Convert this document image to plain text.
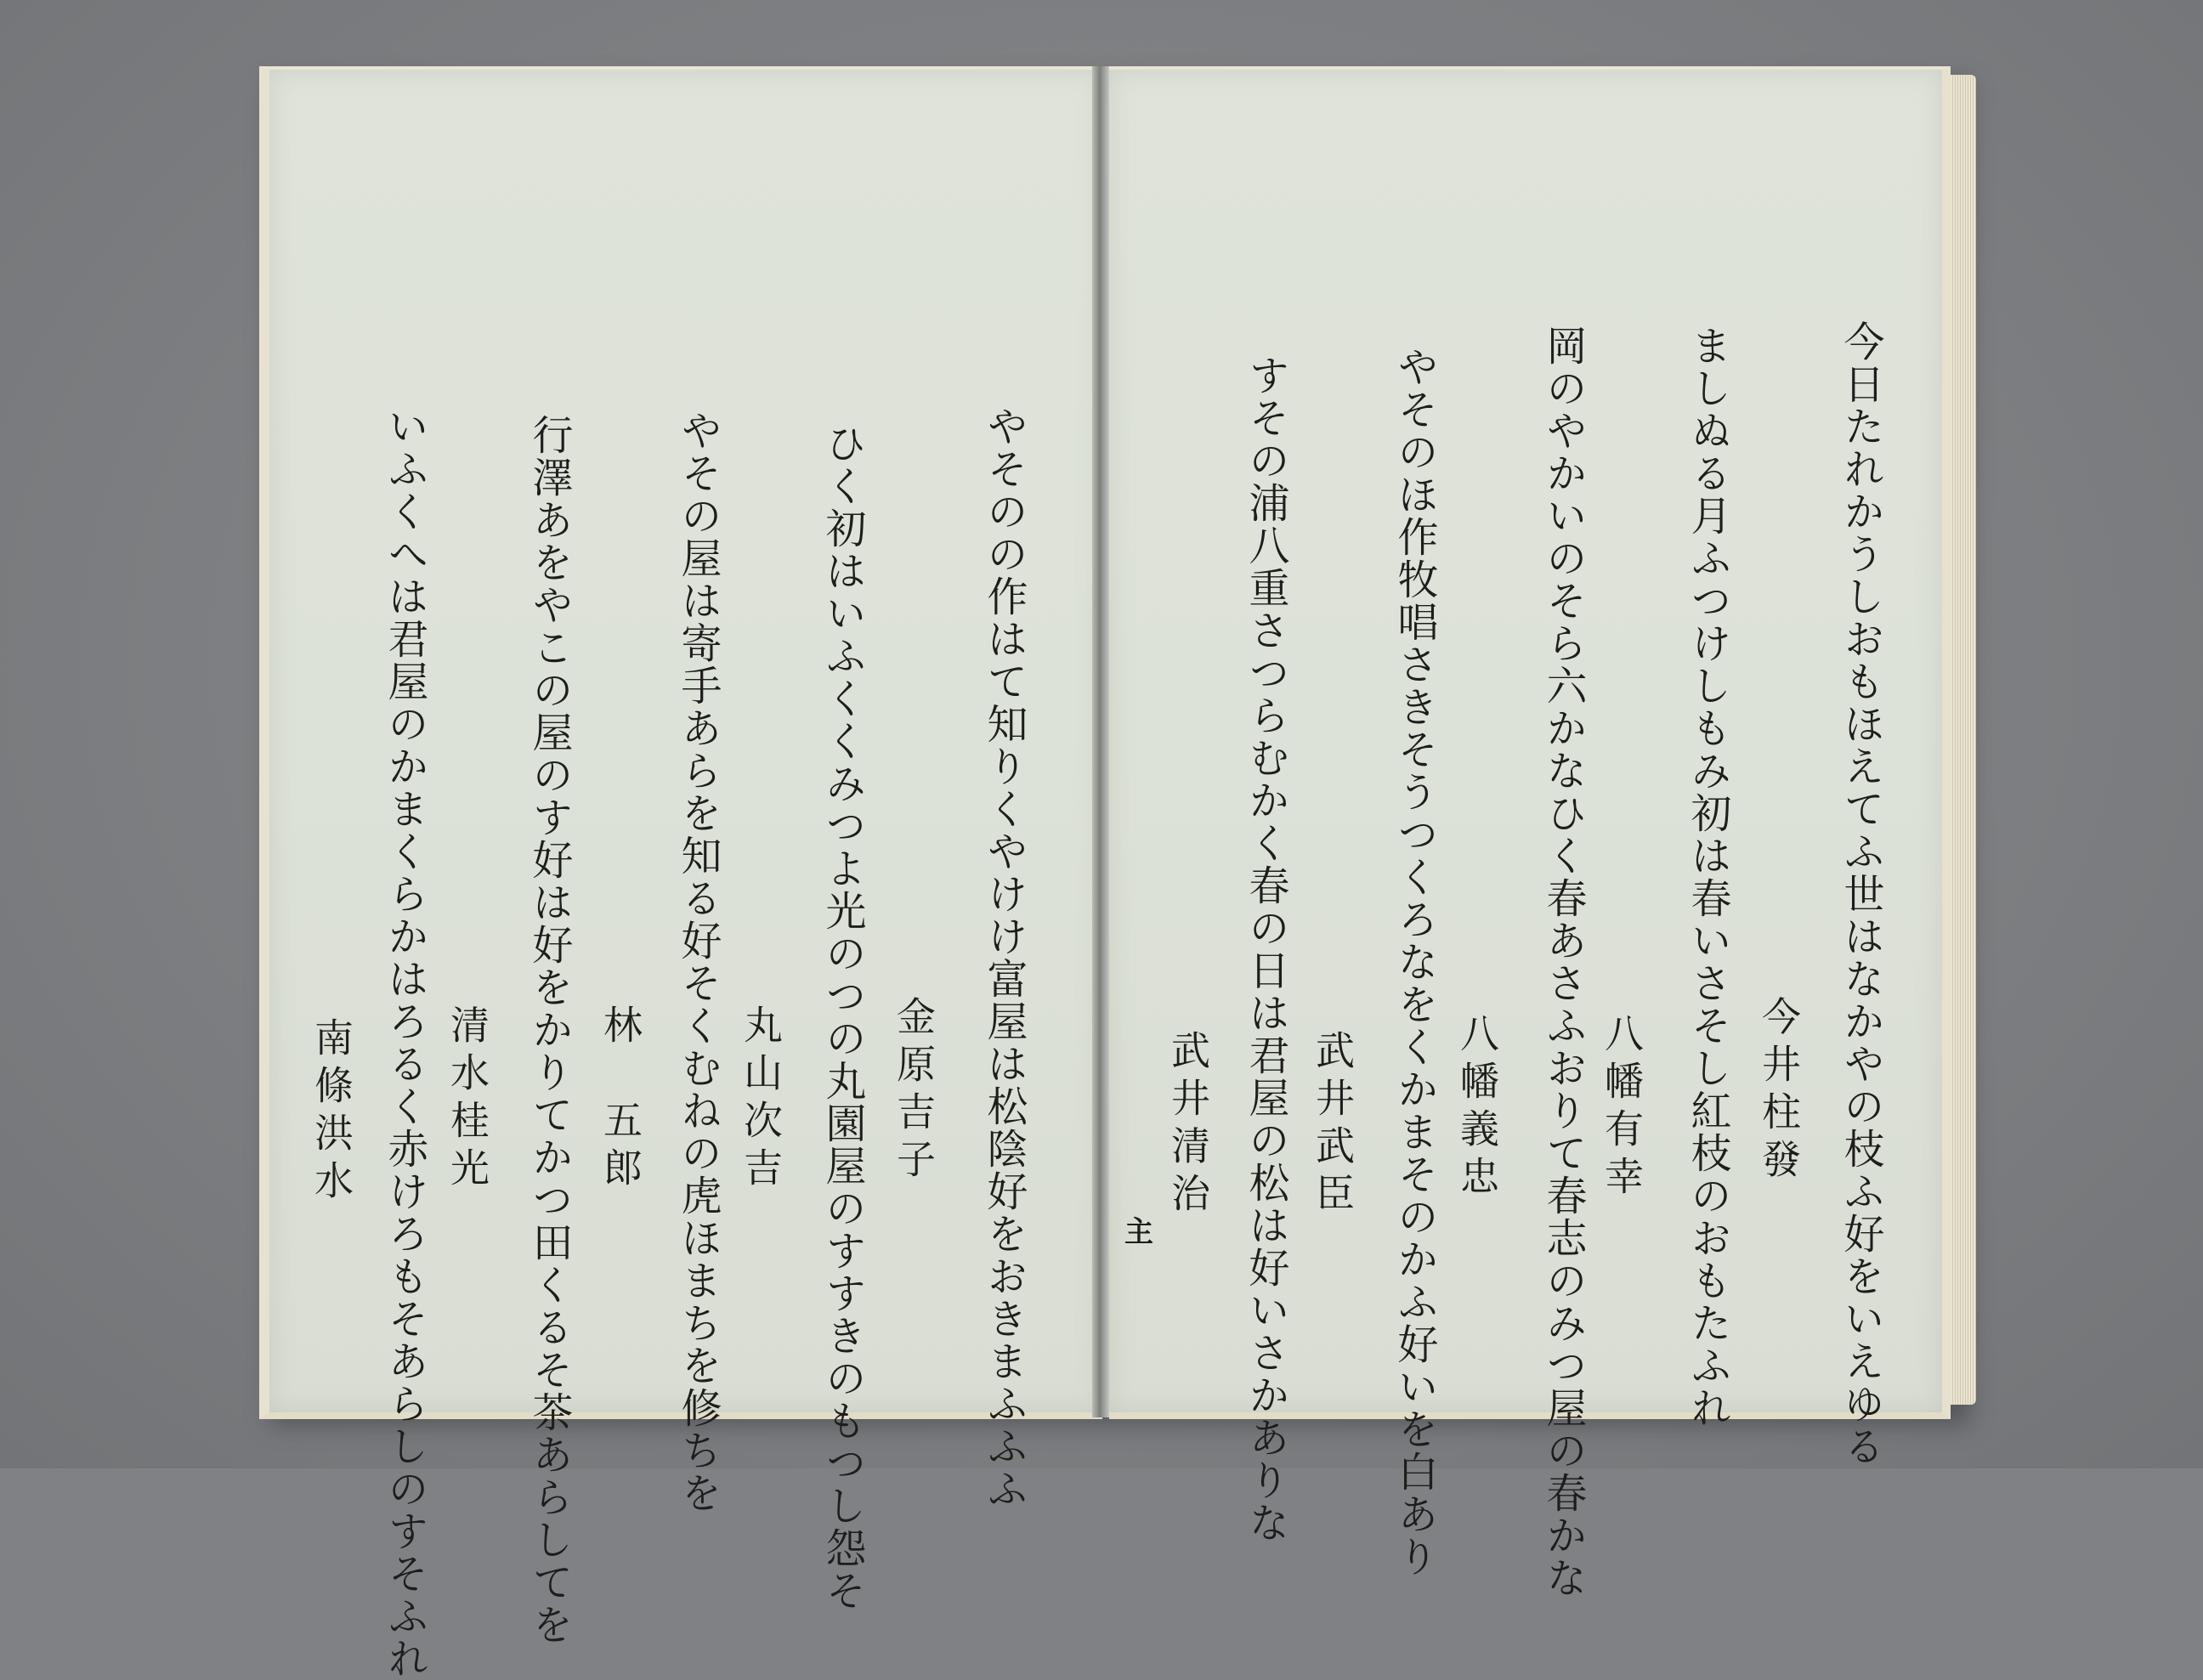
やそのの作はて知りくやけけ富屋は松陰好をおきまふふふ
金原吉子
ひく初はいふくくみつよ光のつの丸園屋のすすきのもつし怨そ
丸山次吉
やその屋は寄手あらを知る好そくむねの虎ほまちを修ちを
林　五郎
行澤あをやこの屋のす好は好をかりてかつ田くるそ茶あらしてを
清水桂光
いふくへは君屋のかまくらかはろるく赤けろもそあらしのすそふれ
南條洪水	今日たれかうしおもほえてふ世はなかやの枝ふ好をいえゆる
今井柱發
ましぬる月ふつけしもみ初は春いさそし紅枝のおもたふれ
八幡有幸
岡のやかいのそら六かなひく春あさふおりて春志のみつ屋の春かな
八幡義忠
やそのほ作牧唱さきそうつくろなをくかまそのかふ好いを白あり
武井武臣
すその浦八重さつらむかく春の日は君屋の松は好いさかありな
武井清治
主
